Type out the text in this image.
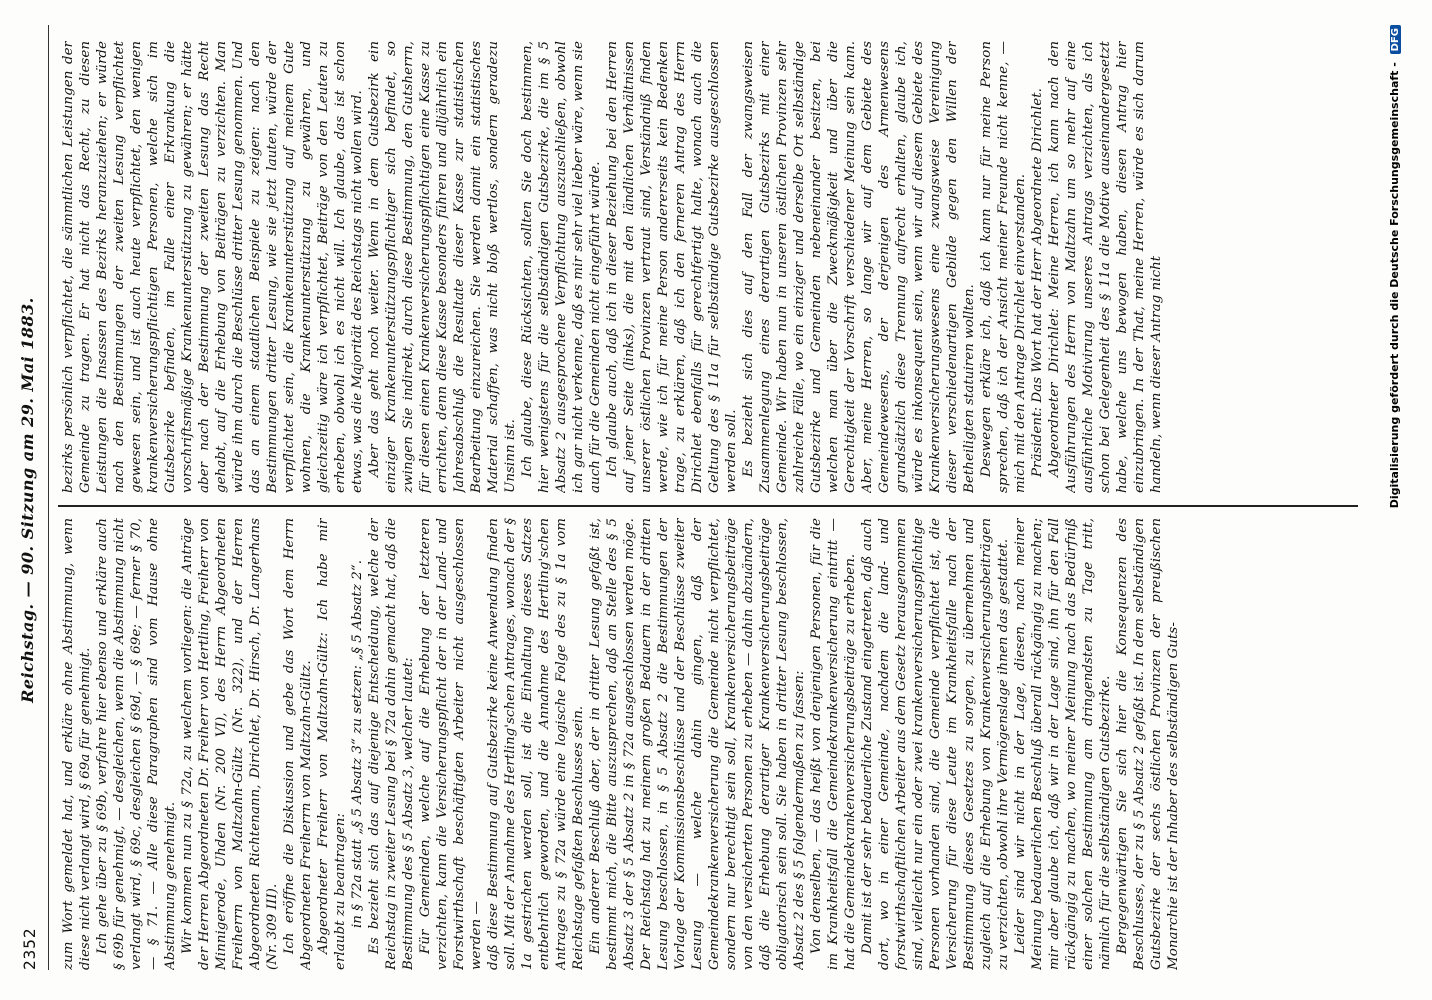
2352
Reichstag. — 90. Sitzung am 29. Mai 1883.

zum Wort gemeldet hat, und erkläre ohne Abstimmung, wenn diese nicht verlangt wird, § 69a für genehmigt. Ich gehe über zu § 69b, verfahre hier ebenso und erkläre auch § 69b für genehmigt, — desgleichen, wenn die Abstimmung nicht verlangt wird, § 69c, desgleichen § 69d, — § 69e; — ferner § 70, — § 71. — Alle diese Paragraphen sind vom Hause ohne Abstimmung genehmigt. Wir kommen nun zu § 72a, zu welchem vorliegen: die Anträge der Herren Abgeordneten Dr. Freiherr von Hertling, Freiherr von Minnigerode, Uhden (Nr. 200 VI), des Herrn Abgeordneten Freiherrn von Maltzahn-Gültz (Nr. 322), und der Herren Abgeordneten Richtenann, Dirichlet, Dr. Hirsch, Dr. Langerhans (Nr. 309 III). Ich eröffne die Diskussion und gebe das Wort dem Herrn Abgeordneten Freiherrn von Maltzahn-Gültz. Abgeordneter Freiherr von Maltzahn-Gültz: Ich habe mir erlaubt zu beantragen: in § 72a statt „§ 5 Absatz 3“ zu setzen: „§ 5 Absatz 2“. Es bezieht sich das auf diejenige Entscheidung, welche der Reichstag in zweiter Lesung bei § 72a dahin gemacht hat, daß die Bestimmung des § 5 Absatz 3, welcher lautet: Für Gemeinden, welche auf die Erhebung der letzteren verzichten, kann die Versicherungspflicht der in der Land- und Forstwirthschaft beschäftigten Arbeiter nicht ausgeschlossen werden — daß diese Bestimmung auf Gutsbezirke keine Anwendung finden soll. Mit der Annahme des Hertling'schen Antrages, wonach der § 1a gestrichen werden soll, ist die Einhaltung dieses Satzes entbehrlich geworden, und die Annahme des Hertling'schen Antrages zu § 72a würde eine logische Folge des zu § 1a vom Reichstage gefaßten Beschlusses sein. Ein anderer Beschluß aber, der in dritter Lesung gefaßt ist, bestimmt mich, die Bitte auszusprechen, daß an Stelle des § 5 Absatz 3 der § 5 Absatz 2 in § 72a ausgeschlossen werden möge. Der Reichstag hat zu meinem großen Bedauern in der dritten Lesung beschlossen, in § 5 Absatz 2 die Bestimmungen der Vorlage der Kommissionsbeschlüsse und der Beschlüsse zweiter Lesung — welche dahin gingen, daß der Gemeindekrankenversicherung die Gemeinde nicht verpflichtet, sondern nur berechtigt sein soll, Krankenversicherungsbeiträge von den versicherten Personen zu erheben — dahin abzuändern, daß die Erhebung derartiger Krankenversicherungsbeiträge obligatorisch sein soll. Sie haben in dritter Lesung beschlossen, Absatz 2 des § 5 folgendermaßen zu fassen: Von denselben, — das heißt von denjenigen Personen, für die im Krankheitsfall die Gemeindekrankenversicherung eintritt — hat die Gemeindekrankenversicherungsbeiträge zu erheben. Damit ist der sehr bedauerliche Zustand eingetreten, daß auch dort, wo in einer Gemeinde, nachdem die land- und forstwirthschaftlichen Arbeiter aus dem Gesetz herausgenommen sind, vielleicht nur ein oder zwei krankenversicherungspflichtige Personen vorhanden sind, die Gemeinde verpflichtet ist, die Versicherung für diese Leute im Krankheitsfalle nach der Bestimmung dieses Gesetzes zu sorgen, zu übernehmen und zugleich auf die Erhebung von Krankenversicherungsbeiträgen zu verzichten, obwohl ihre Vermögenslage ihnen das gestattet. Leider sind wir nicht in der Lage, diesen, nach meiner Meinung bedauerlichen Beschluß überall rückgängig zu machen; mir aber glaube ich, daß wir in der Lage sind, ihn für den Fall rückgängig zu machen, wo meiner Meinung nach das Bedürfniß einer solchen Bestimmung am dringendsten zu Tage tritt, nämlich für die selbständigen Gutsbezirke. Bergegenwärtigen Sie sich hier die Konsequenzen des Beschlusses, der zu § 5 Absatz 2 gefaßt ist. In dem selbständigen Gutsbezirke der sechs östlichen Provinzen der preußischen Monarchie ist der Inhaber des selbständigen Guts-

bezirks persönlich verpflichtet, die sämmtlichen Leistungen der Gemeinde zu tragen. Er hat nicht das Recht, zu diesen Leistungen die Insassen des Bezirks heranzuziehen; er würde nach den Bestimmungen der zweiten Lesung verpflichtet gewesen sein, und ist auch heute verpflichtet, den wenigen krankenversicherungspflichtigen Personen, welche sich im Gutsbezirke befinden, im Falle einer Erkrankung die vorschriftsmäßige Krankenunterstützung zu gewähren; er hätte aber nach der Bestimmung der zweiten Lesung das Recht gehabt, auf die Erhebung von Beiträgen zu verzichten. Man würde ihm durch die Beschlüsse dritter Lesung genommen. Und das an einem staatlichen Beispiele zu zeigen: nach den Bestimmungen dritter Lesung, wie sie jetzt lauten, würde der verpflichtet sein, die Krankenunterstützung auf meinem Gute wohnen, die Krankenunterstützung zu gewähren, und gleichzeitig wäre ich verpflichtet, Beiträge von den Leuten zu erheben, obwohl ich es nicht will. Ich glaube, das ist schon etwas, was die Majorität des Reichstags nicht wollen wird. Aber das geht noch weiter. Wenn in dem Gutsbezirk ein einziger Krankenunterstützungspflichtiger sich befindet, so zwingen Sie indirekt, durch diese Bestimmung, den Gutsherrn, für diesen einen Krankenversicherungspflichtigen eine Kasse zu errichten, denn diese Kasse besonders führen und alljährlich ein Jahresabschluß die Resultate dieser Kasse zur statistischen Bearbeitung einzureichen. Sie werden damit ein statistisches Material schaffen, was nicht bloß wertlos, sondern geradezu Unsinn ist. Ich glaube, diese Rücksichten, sollten Sie doch bestimmen, hier wenigstens für die selbständigen Gutsbezirke, die im § 5 Absatz 2 ausgesprochene Verpflichtung auszuschließen, obwohl ich gar nicht verkenne, daß es mir sehr viel lieber wäre, wenn sie auch für die Gemeinden nicht eingeführt würde. Ich glaube auch, daß ich in dieser Beziehung bei den Herren auf jener Seite (links), die mit den ländlichen Verhältnissen unserer östlichen Provinzen vertraut sind, Verständniß finden werde, wie ich für meine Person andererseits kein Bedenken trage, zu erklären, daß ich den ferneren Antrag des Herrn Dirichlet ebenfalls für gerechtfertigt halte, wonach auch die Geltung des § 11a für selbständige Gutsbezirke ausgeschlossen werden soll. Es bezieht sich dies auf den Fall der zwangsweisen Zusammenlegung eines derartigen Gutsbezirks mit einer Gemeinde. Wir haben nun in unseren östlichen Provinzen sehr zahlreiche Fälle, wo ein einziger und derselbe Ort selbständige Gutsbezirke und Gemeinden nebeneinander besitzen, bei welchen man über die Zweckmäßigkeit und über die Gerechtigkeit der Vorschrift verschiedener Meinung sein kann. Aber, meine Herren, so lange wir auf dem Gebiete des Gemeindewesens, der derjenigen des Armenwesens grundsätzlich diese Trennung aufrecht erhalten, glaube ich, würde es inkonsequent sein, wenn wir auf diesem Gebiete des Krankenversicherungswesens eine zwangsweise Vereinigung dieser verschiedenartigen Gebilde gegen den Willen der Betheiligten statuiren wollten. Deswegen erkläre ich, daß ich kann nur für meine Person sprechen, daß ich der Ansicht meiner Freunde nicht kenne, — mich mit den Antrage Dirichlet einverstanden. Präsident: Das Wort hat der Herr Abgeordnete Dirichlet. Abgeordneter Dirichlet: Meine Herren, ich kann nach den Ausführungen des Herrn von Maltzahn um so mehr auf eine ausführliche Motivirung unseres Antrags verzichten, als ich schon bei Gelegenheit des § 11a die Motive auseinandergesetzt habe, welche uns bewogen haben, diesen Antrag hier einzubringen. In der That, meine Herren, würde es sich darum handeln, wenn dieser Antrag nicht	Digitalisierung gefördert durch die Deutsche Forschungsgemeinschaft - DFG
